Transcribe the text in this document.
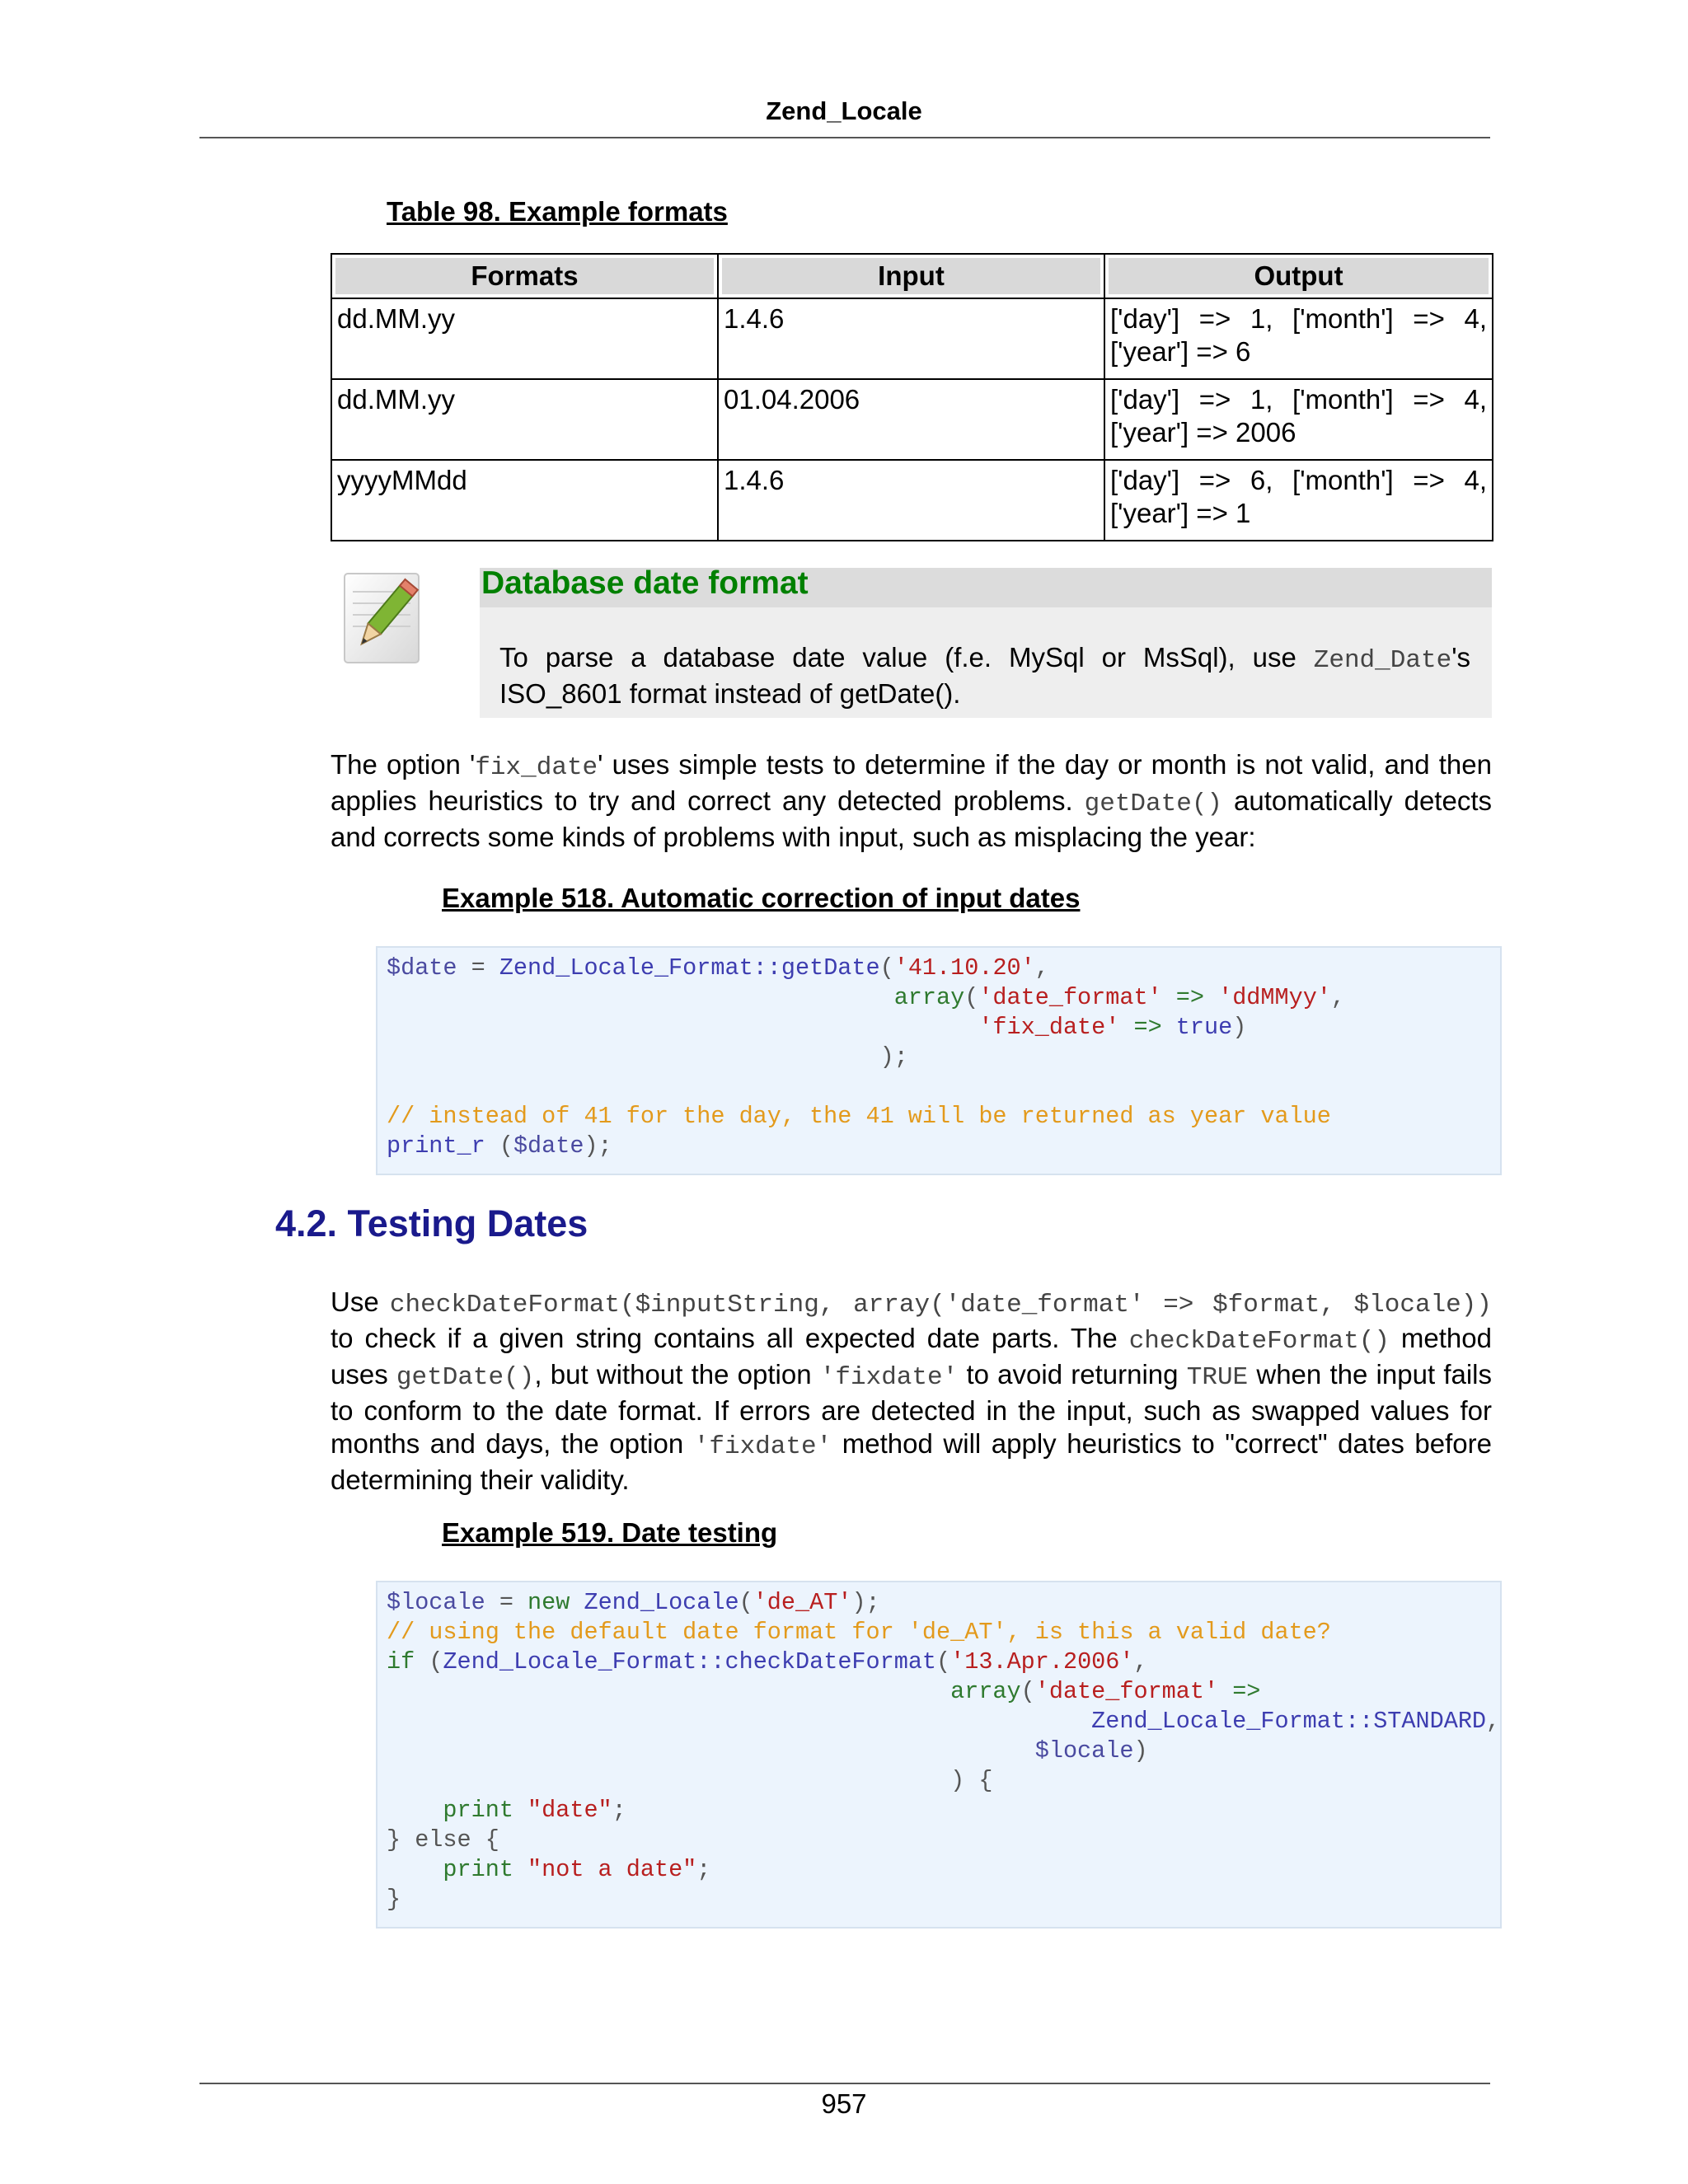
Zend_Locale
Table 98. Example formats
Formats	Input	Output

dd.MM.yy	1.4.6	['day'] => 1, ['month'] => 4,
['year'] => 6

dd.MM.yy	01.04.2006	['day'] => 1, ['month'] => 4,
['year'] => 2006

yyyyMMdd	1.4.6	['day'] => 6, ['month'] => 4,
['year'] => 1
Database date format
To parse a database date value (f.e. MySql or MsSql), use Zend_Date's ISO_8601 format instead of getDate().
The option 'fix_date' uses simple tests to determine if the day or month is not valid, and then applies heuristics to try and correct any detected problems. getDate() automatically detects and corrects some kinds of problems with input, such as misplacing the year:
Example 518. Automatic correction of input dates
$date = Zend_Locale_Format::getDate('41.10.20',
array('date_format' => 'ddMMyy',
'fix_date' => true)
);

// instead of 41 for the day, the 41 will be returned as year value
print_r ($date);
4.2. Testing Dates
Use checkDateFormat($inputString, array('date_format' => $format, $locale)) to check if a given string contains all expected date parts. The checkDateFormat() method uses getDate(), but without the option 'fixdate' to avoid returning TRUE when the input fails to conform to the date format. If errors are detected in the input, such as swapped values for months and days, the option 'fixdate' method will apply heuristics to "correct" dates before determining their validity.
Example 519. Date testing
$locale = new Zend_Locale('de_AT');
// using the default date format for 'de_AT', is this a valid date?
if (Zend_Locale_Format::checkDateFormat('13.Apr.2006',
array('date_format' =>
Zend_Locale_Format::STANDARD,
$locale)
) {
print "date";
} else {
print "not a date";
}
957
